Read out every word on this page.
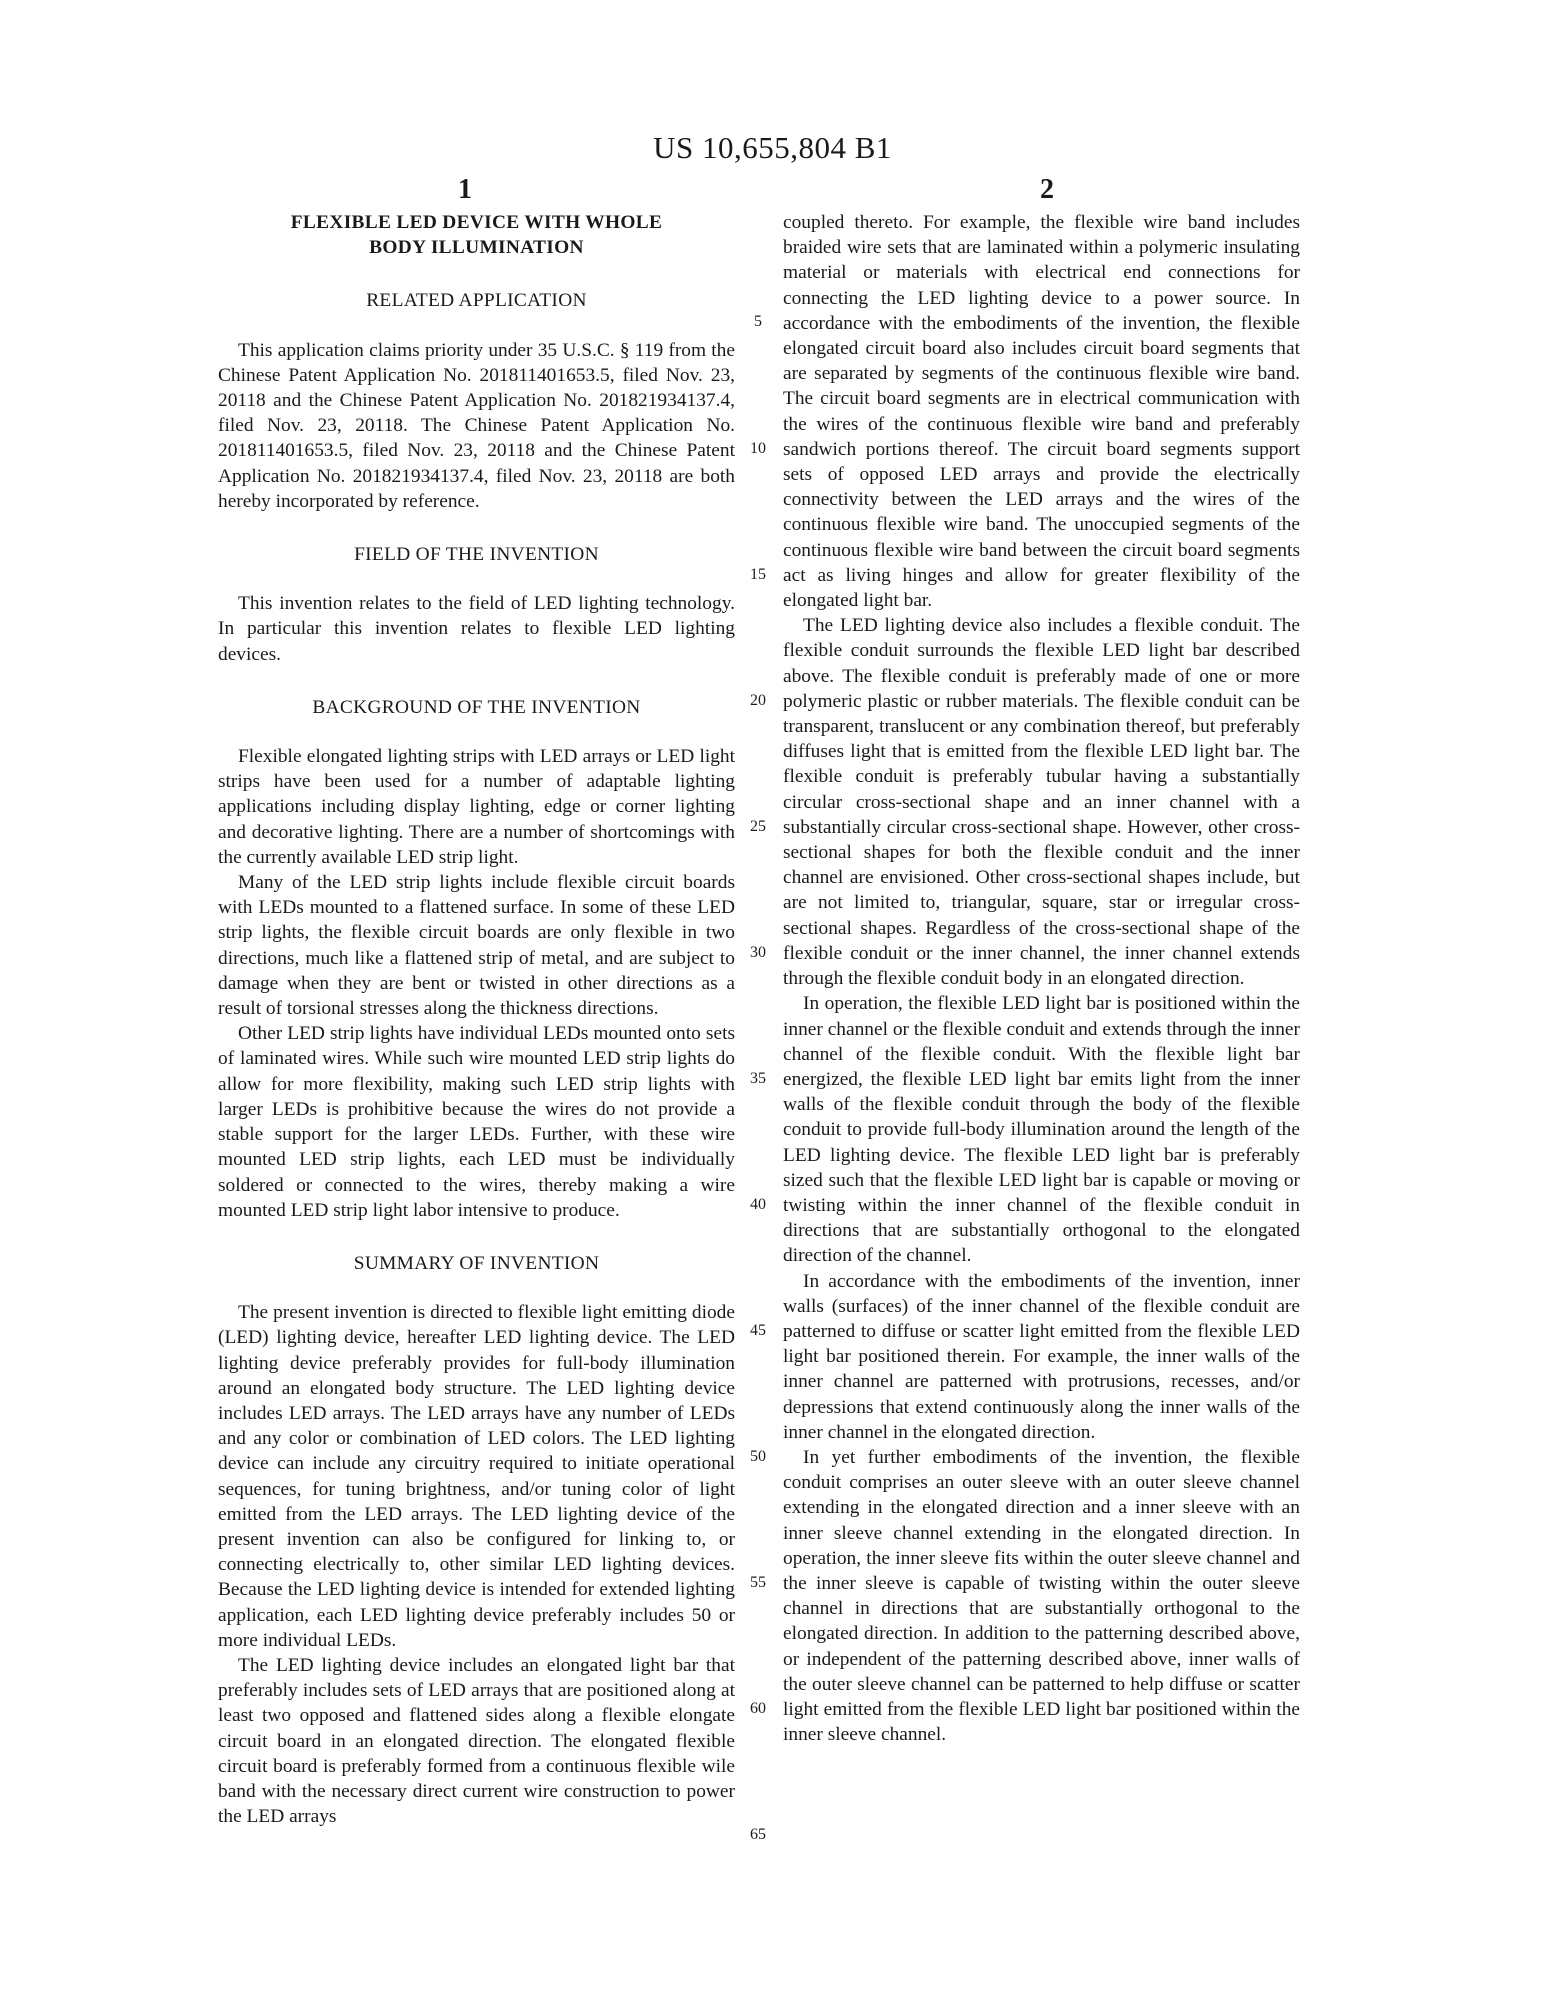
US 10,655,804 B1
1	2
FLEXIBLE LED DEVICE WITH WHOLE
BODY ILLUMINATION
RELATED APPLICATION

This application claims priority under 35 U.S.C. § 119 from the Chinese Patent Application No. 201811401653.5, filed Nov. 23, 20118 and the Chinese Patent Application No. 201821934137.4, filed Nov. 23, 20118. The Chinese Patent Application No. 201811401653.5, filed Nov. 23, 20118 and the Chinese Patent Application No. 201821934137.4, filed Nov. 23, 20118 are both hereby incorporated by reference.

FIELD OF THE INVENTION

This invention relates to the field of LED lighting technology. In particular this invention relates to flexible LED lighting devices.

BACKGROUND OF THE INVENTION

Flexible elongated lighting strips with LED arrays or LED light strips have been used for a number of adaptable lighting applications including display lighting, edge or corner lighting and decorative lighting. There are a number of shortcomings with the currently available LED strip light.

Many of the LED strip lights include flexible circuit boards with LEDs mounted to a flattened surface. In some of these LED strip lights, the flexible circuit boards are only flexible in two directions, much like a flattened strip of metal, and are subject to damage when they are bent or twisted in other directions as a result of torsional stresses along the thickness directions.

Other LED strip lights have individual LEDs mounted onto sets of laminated wires. While such wire mounted LED strip lights do allow for more flexibility, making such LED strip lights with larger LEDs is prohibitive because the wires do not provide a stable support for the larger LEDs. Further, with these wire mounted LED strip lights, each LED must be individually soldered or connected to the wires, thereby making a wire mounted LED strip light labor intensive to produce.

SUMMARY OF INVENTION

The present invention is directed to flexible light emitting diode (LED) lighting device, hereafter LED lighting device. The LED lighting device preferably provides for full-body illumination around an elongated body structure. The LED lighting device includes LED arrays. The LED arrays have any number of LEDs and any color or combination of LED colors. The LED lighting device can include any circuitry required to initiate operational sequences, for tuning brightness, and/or tuning color of light emitted from the LED arrays. The LED lighting device of the present invention can also be configured for linking to, or connecting electrically to, other similar LED lighting devices. Because the LED lighting device is intended for extended lighting application, each LED lighting device preferably includes 50 or more individual LEDs.

The LED lighting device includes an elongated light bar that preferably includes sets of LED arrays that are positioned along at least two opposed and flattened sides along a flexible elongate circuit board in an elongated direction. The elongated flexible circuit board is preferably formed from a continuous flexible wile band with the necessary direct current wire construction to power the LED arrays

5
10
15
20
25
30
35
40
45
50
55
60
65

coupled thereto. For example, the flexible wire band includes braided wire sets that are laminated within a polymeric insulating material or materials with electrical end connections for connecting the LED lighting device to a power source. In accordance with the embodiments of the invention, the flexible elongated circuit board also includes circuit board segments that are separated by segments of the continuous flexible wire band. The circuit board segments are in electrical communication with the wires of the continuous flexible wire band and preferably sandwich portions thereof. The circuit board segments support sets of opposed LED arrays and provide the electrically connectivity between the LED arrays and the wires of the continuous flexible wire band. The unoccupied segments of the continuous flexible wire band between the circuit board segments act as living hinges and allow for greater flexibility of the elongated light bar.

The LED lighting device also includes a flexible conduit. The flexible conduit surrounds the flexible LED light bar described above. The flexible conduit is preferably made of one or more polymeric plastic or rubber materials. The flexible conduit can be transparent, translucent or any combination thereof, but preferably diffuses light that is emitted from the flexible LED light bar. The flexible conduit is preferably tubular having a substantially circular cross-sectional shape and an inner channel with a substantially circular cross-sectional shape. However, other cross-sectional shapes for both the flexible conduit and the inner channel are envisioned. Other cross-sectional shapes include, but are not limited to, triangular, square, star or irregular cross-sectional shapes. Regardless of the cross-sectional shape of the flexible conduit or the inner channel, the inner channel extends through the flexible conduit body in an elongated direction.

In operation, the flexible LED light bar is positioned within the inner channel or the flexible conduit and extends through the inner channel of the flexible conduit. With the flexible light bar energized, the flexible LED light bar emits light from the inner walls of the flexible conduit through the body of the flexible conduit to provide full-body illumination around the length of the LED lighting device. The flexible LED light bar is preferably sized such that the flexible LED light bar is capable or moving or twisting within the inner channel of the flexible conduit in directions that are substantially orthogonal to the elongated direction of the channel.

In accordance with the embodiments of the invention, inner walls (surfaces) of the inner channel of the flexible conduit are patterned to diffuse or scatter light emitted from the flexible LED light bar positioned therein. For example, the inner walls of the inner channel are patterned with protrusions, recesses, and/or depressions that extend continuously along the inner walls of the inner channel in the elongated direction.

In yet further embodiments of the invention, the flexible conduit comprises an outer sleeve with an outer sleeve channel extending in the elongated direction and a inner sleeve with an inner sleeve channel extending in the elongated direction. In operation, the inner sleeve fits within the outer sleeve channel and the inner sleeve is capable of twisting within the outer sleeve channel in directions that are substantially orthogonal to the elongated direction. In addition to the patterning described above, or independent of the patterning described above, inner walls of the outer sleeve channel can be patterned to help diffuse or scatter light emitted from the flexible LED light bar positioned within the inner sleeve channel.
